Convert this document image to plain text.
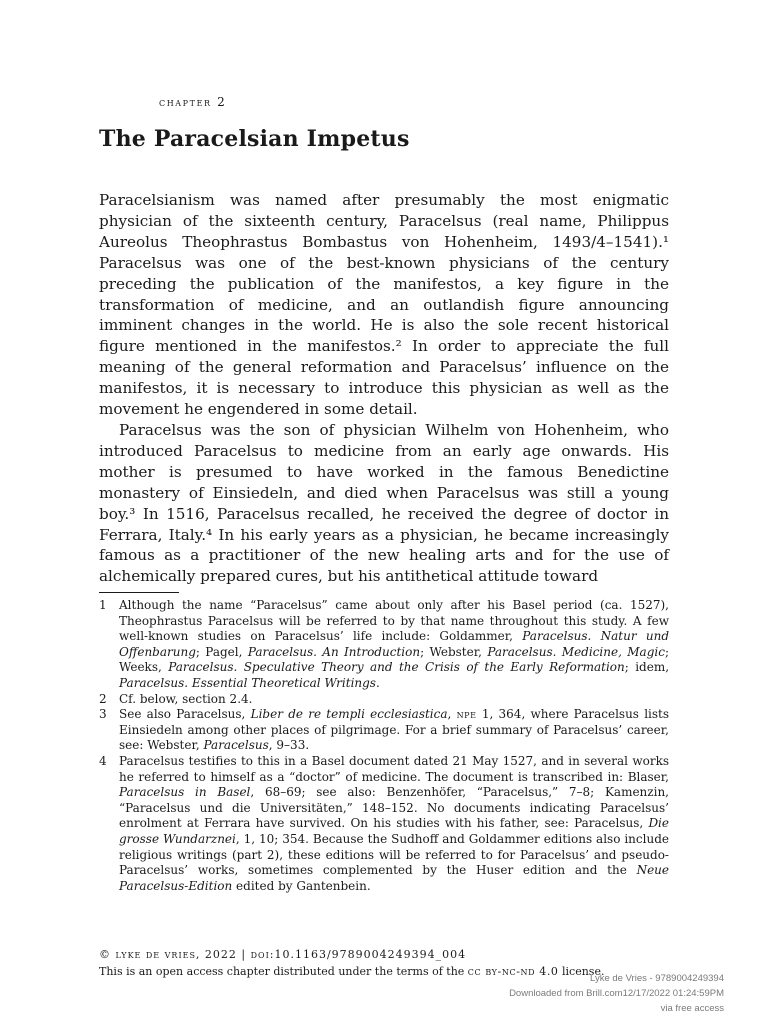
chapter 2
The Paracelsian Impetus

Paracelsianism was named after presumably the most enigmatic physician of the sixteenth century, Paracelsus (real name, Philippus Aureolus Theophrastus Bombastus von Hohenheim, 1493/4–1541).¹ Paracelsus was one of the best-known physicians of the century preceding the publication of the manifestos, a key figure in the transformation of medicine, and an outlandish figure announcing imminent changes in the world. He is also the sole recent historical figure mentioned in the manifestos.² In order to appreciate the full meaning of the general reformation and Paracelsus’ influence on the manifestos, it is necessary to introduce this physician as well as the movement he engendered in some detail.

Paracelsus was the son of physician Wilhelm von Hohenheim, who introduced Paracelsus to medicine from an early age onwards. His mother is presumed to have worked in the famous Benedictine monastery of Einsiedeln, and died when Paracelsus was still a young boy.³ In 1516, Paracelsus recalled, he received the degree of doctor in Ferrara, Italy.⁴ In his early years as a physician, he became increasingly famous as a practitioner of the new healing arts and for the use of alchemically prepared cures, but his antithetical attitude toward

1 Although the name “Paracelsus” came about only after his Basel period (ca. 1527), Theophrastus Paracelsus will be referred to by that name throughout this study. A few well-known studies on Paracelsus’ life include: Goldammer, Paracelsus. Natur und Offenbarung; Pagel, Paracelsus. An Introduction; Webster, Paracelsus. Medicine, Magic; Weeks, Paracelsus. Speculative Theory and the Crisis of the Early Reformation; idem, Paracelsus. Essential Theoretical Writings.
2 Cf. below, section 2.4.
3 See also Paracelsus, Liber de re templi ecclesiastica, npe 1, 364, where Paracelsus lists Einsiedeln among other places of pilgrimage. For a brief summary of Paracelsus’ career, see: Webster, Paracelsus, 9–33.
4 Paracelsus testifies to this in a Basel document dated 21 May 1527, and in several works he referred to himself as a “doctor” of medicine. The document is transcribed in: Blaser, Paracelsus in Basel, 68–69; see also: Benzenhöfer, “Paracelsus,” 7–8; Kamenzin, “Paracelsus und die Universitäten,” 148–152. No documents indicating Paracelsus’ enrolment at Ferrara have survived. On his studies with his father, see: Paracelsus, Die grosse Wundarznei, 1, 10; 354. Because the Sudhoff and Goldammer editions also include religious writings (part 2), these editions will be referred to for Paracelsus’ and pseudo-Paracelsus’ works, sometimes complemented by the Huser edition and the Neue Paracelsus-Edition edited by Gantenbein.
© lyke de vries, 2022 | doi:10.1163/9789004249394_004
This is an open access chapter distributed under the terms of the cc by-nc-nd 4.0 license.
Lyke de Vries - 9789004249394
Downloaded from Brill.com12/17/2022 01:24:59PM
via free access
